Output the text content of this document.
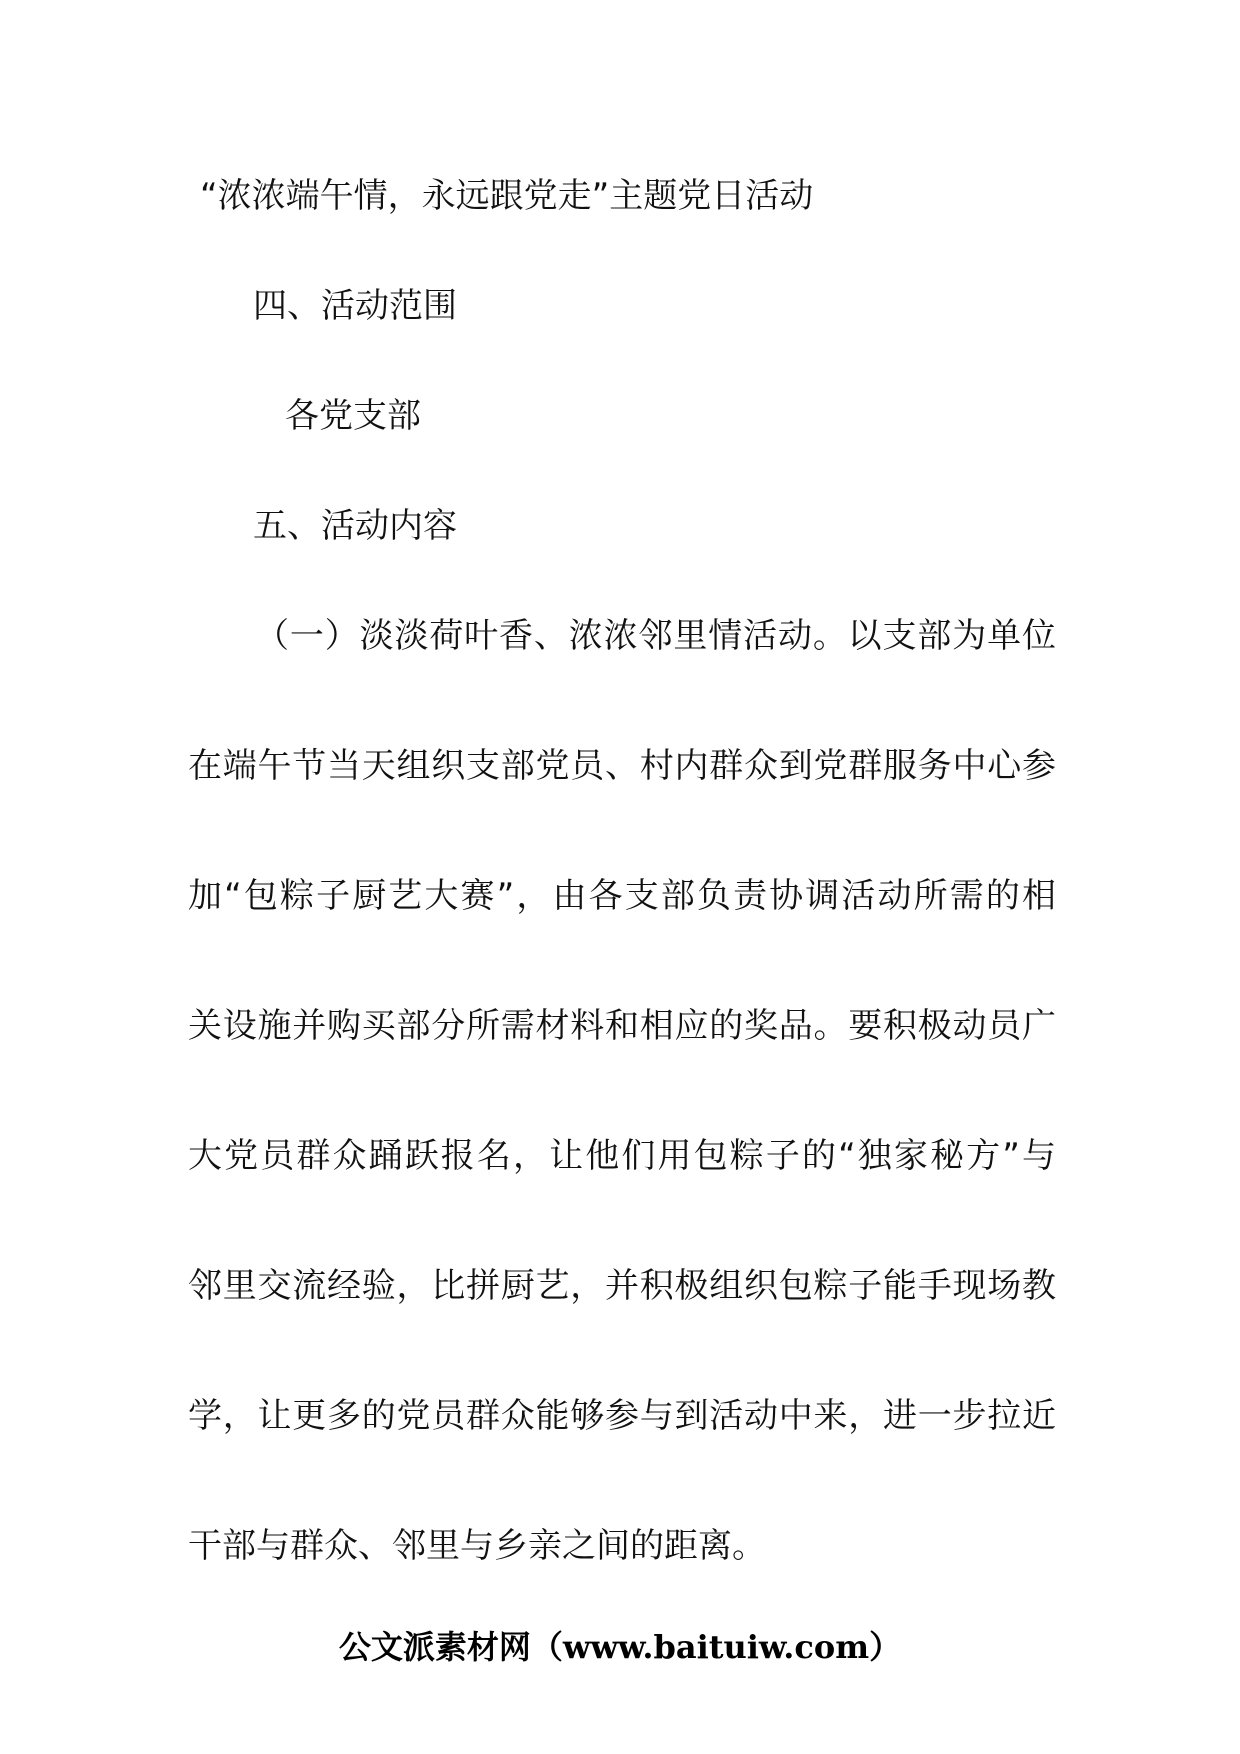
“浓浓端午情，永远跟党走”主题党日活动
四、活动范围
各党支部
五、活动内容
（一）淡淡荷叶香、浓浓邻里情活动。以支部为单位
在端午节当天组织支部党员、村内群众到党群服务中心参
加“包粽子厨艺大赛”，由各支部负责协调活动所需的相
关设施并购买部分所需材料和相应的奖品。要积极动员广
大党员群众踊跃报名，让他们用包粽子的“独家秘方”与
邻里交流经验，比拼厨艺，并积极组织包粽子能手现场教
学，让更多的党员群众能够参与到活动中来，进一步拉近
干部与群众、邻里与乡亲之间的距离。
公文派素材网（www.baituiw.com）
